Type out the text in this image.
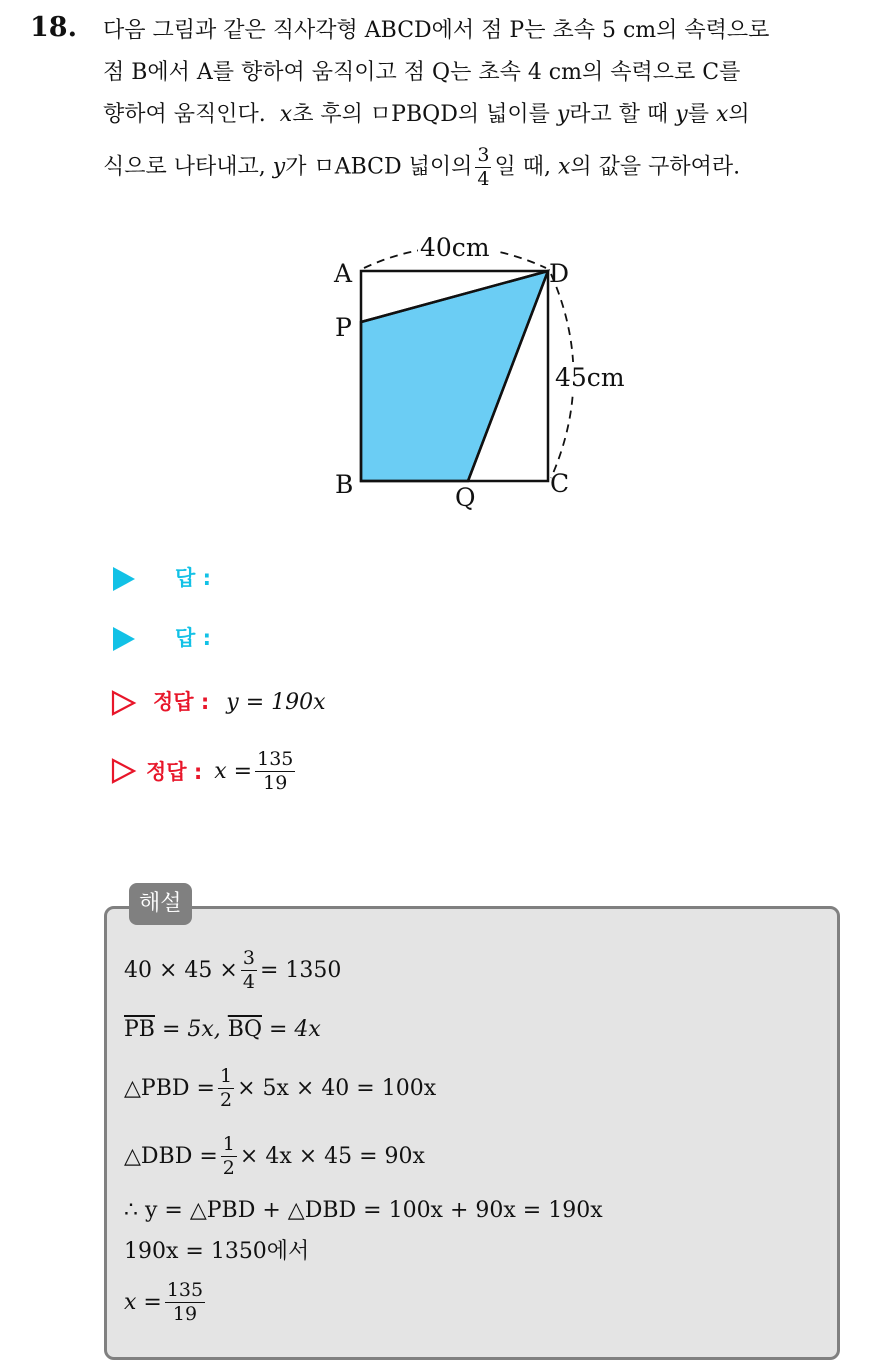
18. 다음 그림과 같은 직사각형 ABCD에서 점 P는 초속 5 cm의 속력으로
점 B에서 A를 향하여 움직이고 점 Q는 초속 4 cm의 속력으로 C를
향하여 움직인다. x초 후의 ㅁPBQD의 넓이를 y라고 할 때 y를 x의
식으로 나타내고, y가 ㅁABCD 넓이의 $\frac{3}{4}$ 일 때, x의 값을 구하여라.
A
P
B	Q	C
D
40cm
45cm
답 :
답 :
정답 : y = 190x
정답 : $x = \frac{135}{19}$
해설
$40 \times 45 \times \frac{3}{4} = 1350$
$\overline{PB} = 5x$, $\overline{BQ} = 4x$
△PBD = $\frac{1}{2} \times 5x \times 40 = 100x$
△DBD = $\frac{1}{2} \times 4x \times 45 = 90x$
∴ y = △PBD + △DBD = 100x + 90x = 190x
190x = 1350에서
$x = \frac{135}{19}$
